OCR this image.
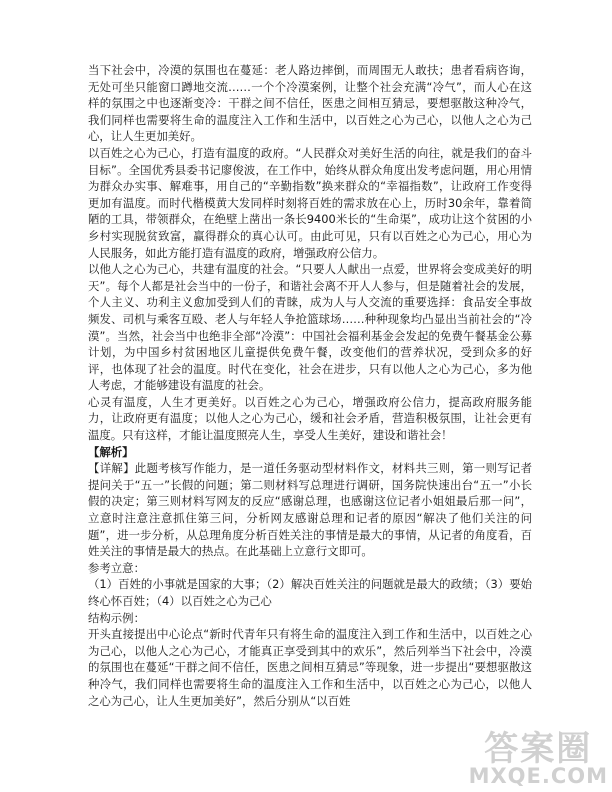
当下社会中，冷漠的氛围也在蔓延：老人路边摔倒，而周围无人敢扶；患者看病咨询，无处可坐只能窗口蹲地交流……一个个冷漠案例，让整个社会充满“冷气”，而人心在这样的氛围之中也逐渐变冷：干群之间不信任，医患之间相互猜忌，要想驱散这种冷气，我们同样也需要将生命的温度注入工作和生活中，以百姓之心为己心，以他人之心为己心，让人生更加美好。

以百姓之心为己心，打造有温度的政府。“人民群众对美好生活的向往，就是我们的奋斗目标”。全国优秀县委书记廖俊波，在工作中，始终从群众角度出发考虑问题，用心用情为群众办实事、解难事，用自己的“辛勤指数”换来群众的“幸福指数”，让政府工作变得更加有温度。而时代楷模黄大发同样时刻将百姓的需求放在心上，历时30余年，靠着简陋的工具，带领群众，在绝壁上凿出一条长9400米长的“生命渠”，成功让这个贫困的小乡村实现脱贫致富，赢得群众的真心认可。由此可见，只有以百姓之心为己心，用心为人民服务，如此方能打造有温度的政府，增强政府公信力。

以他人之心为己心，共建有温度的社会。“只要人人献出一点爱，世界将会变成美好的明天”。每个人都是社会当中的一份子，和谐社会离不开人人参与，但是随着社会的发展，个人主义、功利主义愈加受到人们的青睐，成为人与人交流的重要选择：食品安全事故频发、司机与乘客互殴、老人与年轻人争抢篮球场……种种现象均凸显出当前社会的“冷漠”。当然，社会当中也绝非全部“冷漠”：中国社会福利基金会发起的免费午餐基金公募计划，为中国乡村贫困地区儿童提供免费午餐，改变他们的营养状况，受到众多的好评，也体现了社会的温度。时代在变化，社会在进步，只有以他人之心为己心，多为他人考虑，才能够建设有温度的社会。

心灵有温度，人生才更美好。以百姓之心为己心，增强政府公信力，提高政府服务能力，让政府更有温度；以他人之心为己心，缓和社会矛盾，营造积极氛围，让社会更有温度。只有这样，才能让温度照亮人生，享受人生美好，建设和谐社会！

【解析】

【详解】此题考核写作能力，是一道任务驱动型材料作文，材料共三则，第一则写记者提问关于“五一”长假的问题；第二则材料写总理进行调研，国务院快速出台“五一”小长假的决定；第三则材料写网友的反应“感谢总理，也感谢这位记者小姐姐最后那一问”，立意时注意注意抓住第三问，分析网友感谢总理和记者的原因“解决了他们关注的问题”，进一步分析，从总理角度分析百姓关注的事情是最大的事情，从记者的角度看，百姓关注的事情是最大的热点。在此基础上立意行文即可。

参考立意：

（1）百姓的小事就是国家的大事；（2）解决百姓关注的问题就是最大的政绩；（3）要始终心怀百姓；（4）以百姓之心为己心

结构示例：

开头直接提出中心论点“新时代青年只有将生命的温度注入到工作和生活中，以百姓之心为己心，以他人之心为己心，才能真正享受到其中的欢乐”，然后列举当下社会中，冷漠的氛围也在蔓延“干群之间不信任，医患之间相互猜忌”等现象，进一步提出“要想驱散这种冷气，我们同样也需要将生命的温度注入工作和生活中，以百姓之心为己心，以他人之心为己心，让人生更加美好”，然后分别从“以百姓

答案圈
MXQE.COM
